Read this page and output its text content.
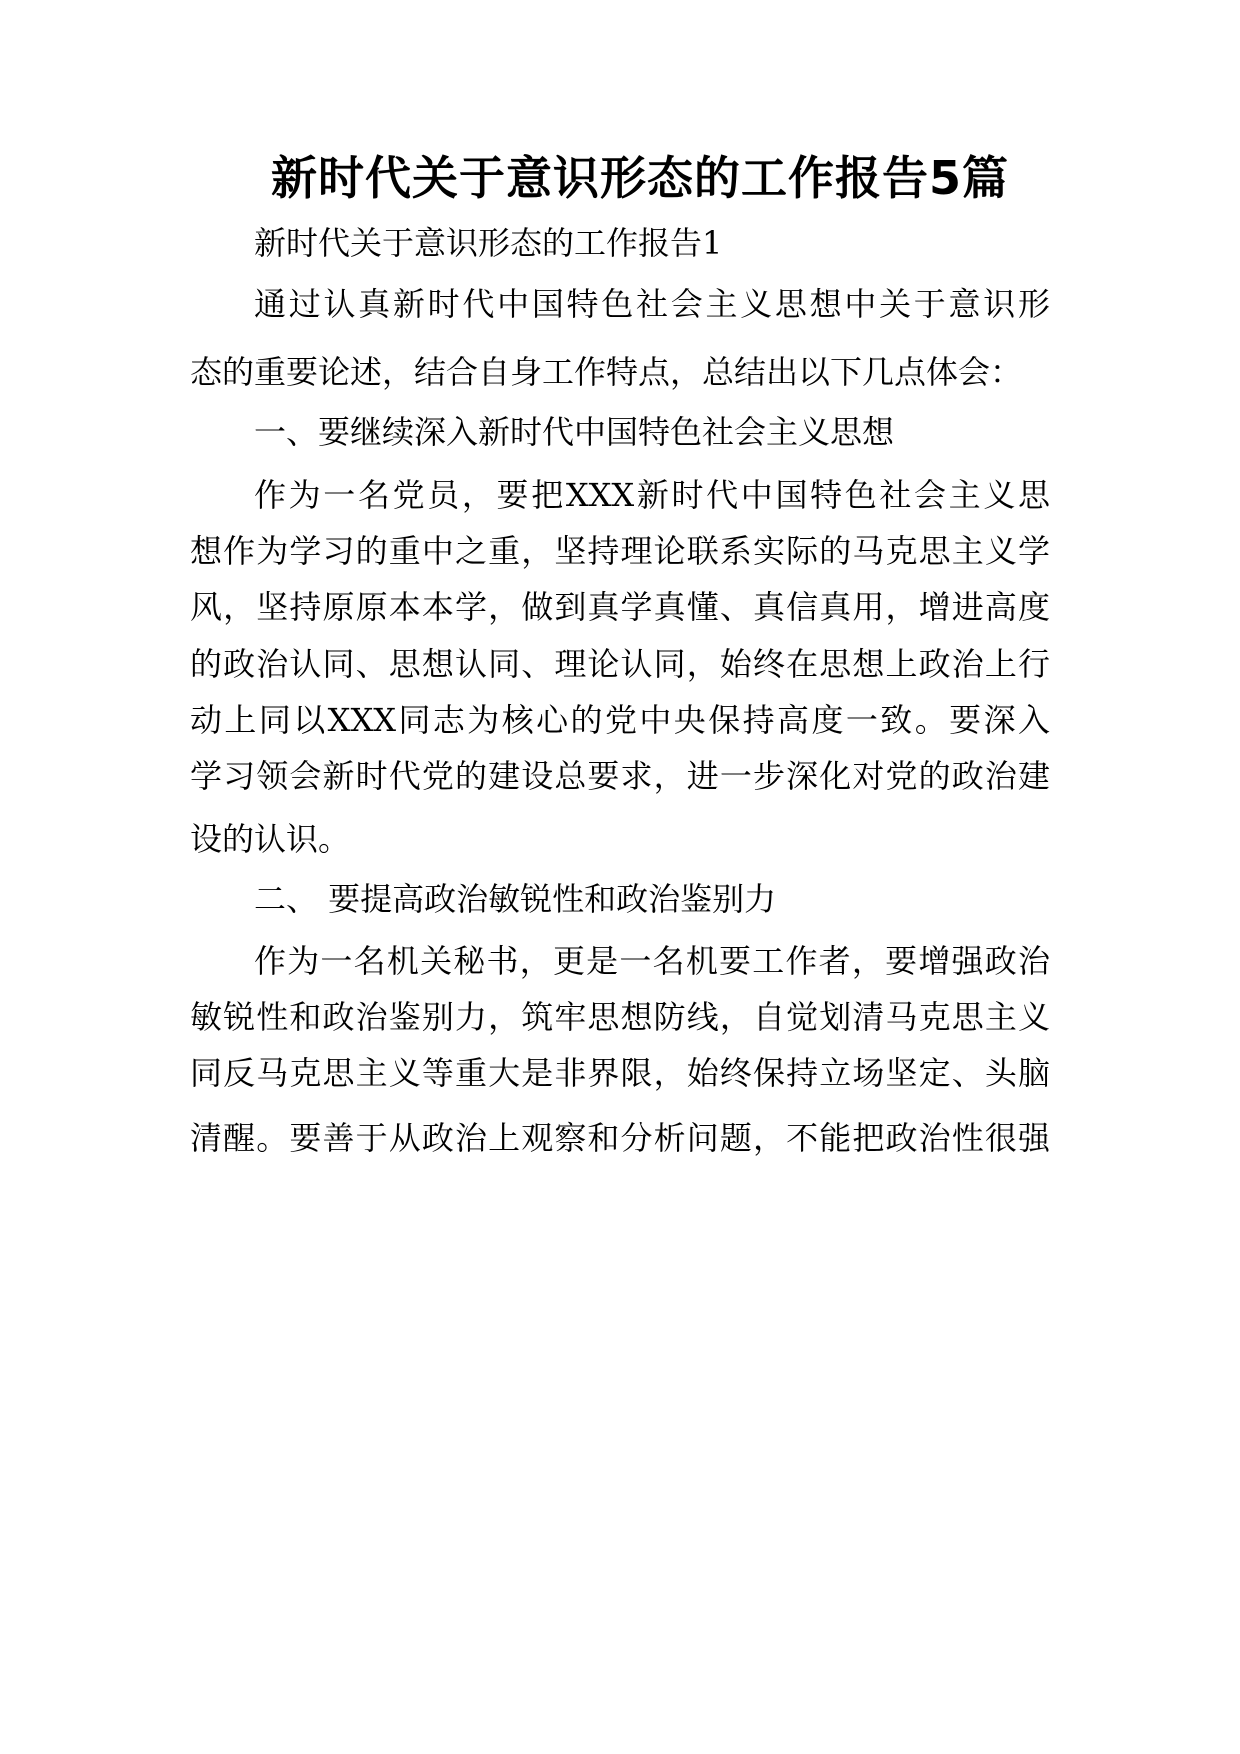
新时代关于意识形态的工作报告5篇
新时代关于意识形态的工作报告1
通过认真新时代中国特色社会主义思想中关于意识形
态的重要论述，结合自身工作特点，总结出以下几点体会：
一、要继续深入新时代中国特色社会主义思想
作为一名党员，要把XXX新时代中国特色社会主义思
想作为学习的重中之重，坚持理论联系实际的马克思主义学
风，坚持原原本本学，做到真学真懂、真信真用，增进高度
的政治认同、思想认同、理论认同，始终在思想上政治上行
动上同以XXX同志为核心的党中央保持高度一致。要深入
学习领会新时代党的建设总要求，进一步深化对党的政治建
设的认识。
二、 要提高政治敏锐性和政治鉴别力
作为一名机关秘书，更是一名机要工作者，要增强政治
敏锐性和政治鉴别力，筑牢思想防线，自觉划清马克思主义
同反马克思主义等重大是非界限，始终保持立场坚定、头脑
清醒。要善于从政治上观察和分析问题，不能把政治性很强
